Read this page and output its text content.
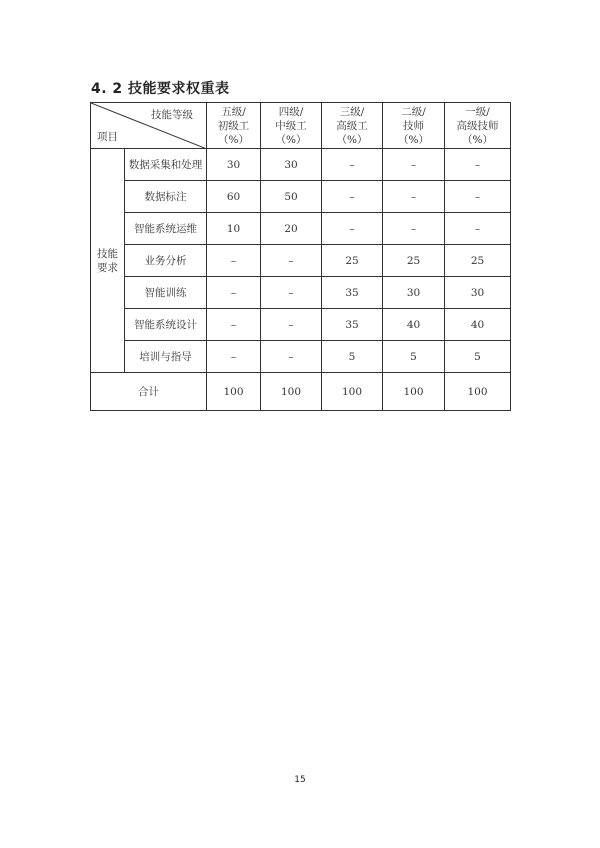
4. 2 技能要求权重表
技能等级
项目		五级/
初级工
（%）	四级/
中级工
（%）	三级/
高级工
（%）	二级/
技师
（%）	一级/
高级技师
（%）

技能
要求	数据采集和处理	30	30	–	–	–
	数据标注	60	50	–	–	–
	智能系统运维	10	20	–	–	–
	业务分析	–	–	25	25	25
	智能训练	–	–	35	30	30
	智能系统设计	–	–	35	40	40
	培训与指导	–	–	5	5	5
合计		100	100	100	100	100
15
